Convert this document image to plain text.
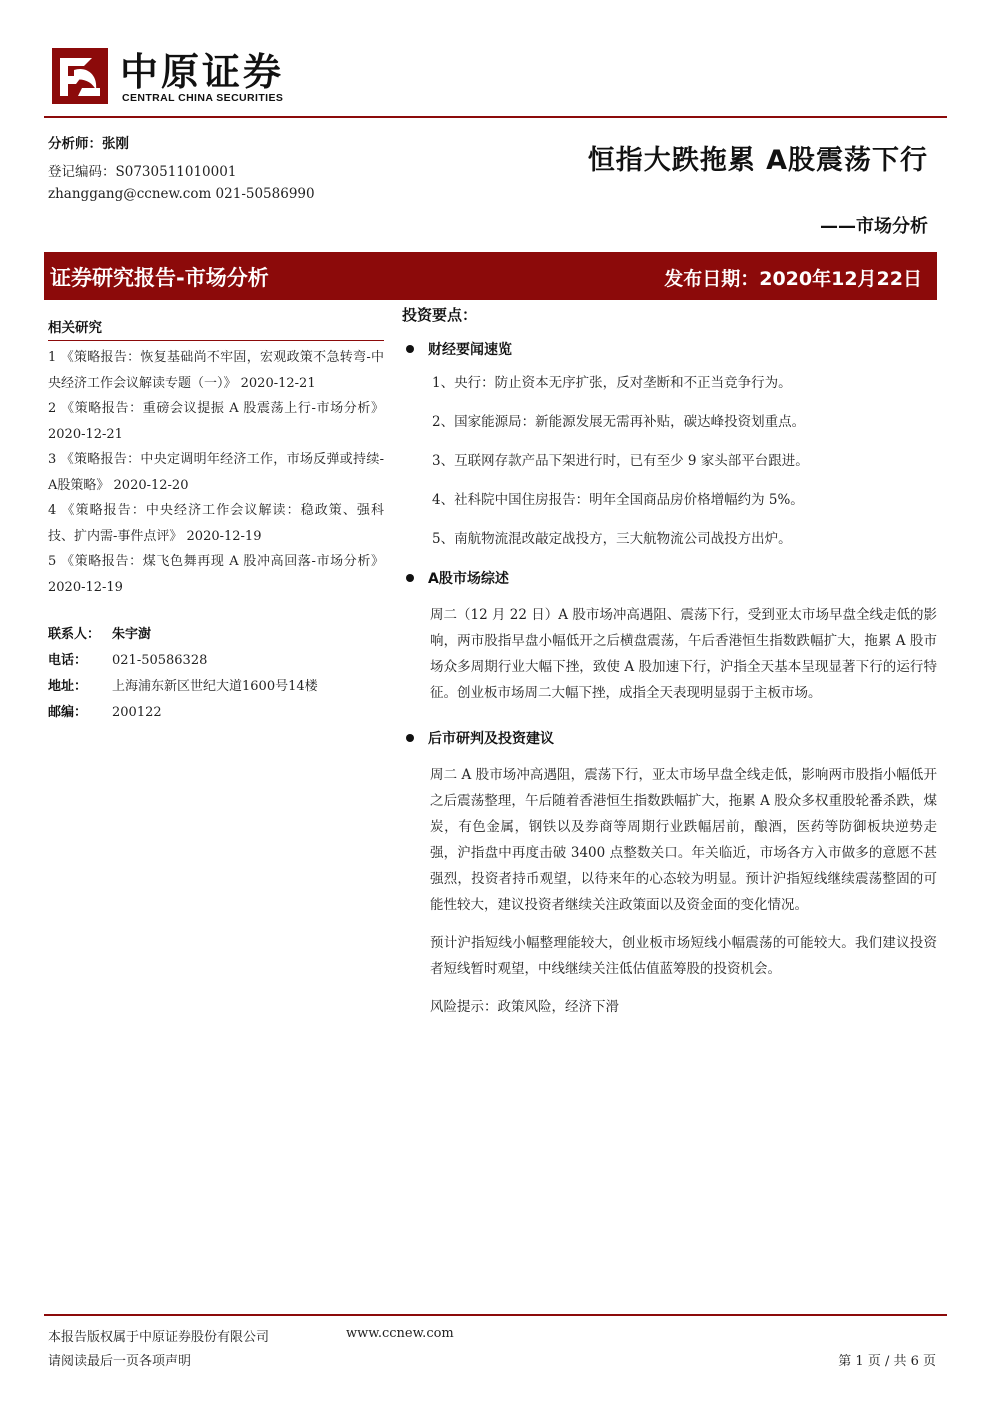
中原证券
CENTRAL CHINA SECURITIES
分析师：张刚
登记编码：S0730511010001
zhanggang@ccnew.com 021-50586990
恒指大跌拖累 A股震荡下行
——市场分析
证券研究报告-市场分析	发布日期：2020年12月22日
相关研究
1 《策略报告：恢复基础尚不牢固，宏观政策不急转弯-中央经济工作会议解读专题（一）》 2020-12-21
2 《策略报告：重磅会议提振 A 股震荡上行-市场分析》 2020-12-21
3 《策略报告：中央定调明年经济工作，市场反弹或持续-A股策略》 2020-12-20
4 《策略报告：中央经济工作会议解读：稳政策、强科技、扩内需-事件点评》 2020-12-19
5 《策略报告：煤飞色舞再现 A 股冲高回落-市场分析》 2020-12-19
联系人： 朱宇澍
电话：	021-50586328
地址：	上海浦东新区世纪大道1600号14楼
邮编：	200122
投资要点：
财经要闻速览
1、央行：防止资本无序扩张，反对垄断和不正当竞争行为。
2、国家能源局：新能源发展无需再补贴，碳达峰投资划重点。
3、互联网存款产品下架进行时，已有至少 9 家头部平台跟进。
4、社科院中国住房报告：明年全国商品房价格增幅约为 5%。
5、南航物流混改敲定战投方，三大航物流公司战投方出炉。
A股市场综述
周二（12 月 22 日）A 股市场冲高遇阻、震荡下行，受到亚太市场早盘全线走低的影响，两市股指早盘小幅低开之后横盘震荡，午后香港恒生指数跌幅扩大，拖累 A 股市场众多周期行业大幅下挫，致使 A 股加速下行，沪指全天基本呈现显著下行的运行特征。创业板市场周二大幅下挫，成指全天表现明显弱于主板市场。
后市研判及投资建议
周二 A 股市场冲高遇阻，震荡下行，亚太市场早盘全线走低，影响两市股指小幅低开之后震荡整理，午后随着香港恒生指数跌幅扩大，拖累 A 股众多权重股轮番杀跌，煤炭，有色金属，钢铁以及券商等周期行业跌幅居前，酿酒，医药等防御板块逆势走强，沪指盘中再度击破 3400 点整数关口。年关临近，市场各方入市做多的意愿不甚强烈，投资者持币观望，以待来年的心态较为明显。预计沪指短线继续震荡整固的可能性较大，建议投资者继续关注政策面以及资金面的变化情况。
预计沪指短线小幅整理能较大，创业板市场短线小幅震荡的可能较大。我们建议投资者短线暂时观望，中线继续关注低估值蓝筹股的投资机会。
风险提示：政策风险，经济下滑
本报告版权属于中原证券股份有限公司	www.ccnew.com
请阅读最后一页各项声明	第 1 页 / 共 6 页
